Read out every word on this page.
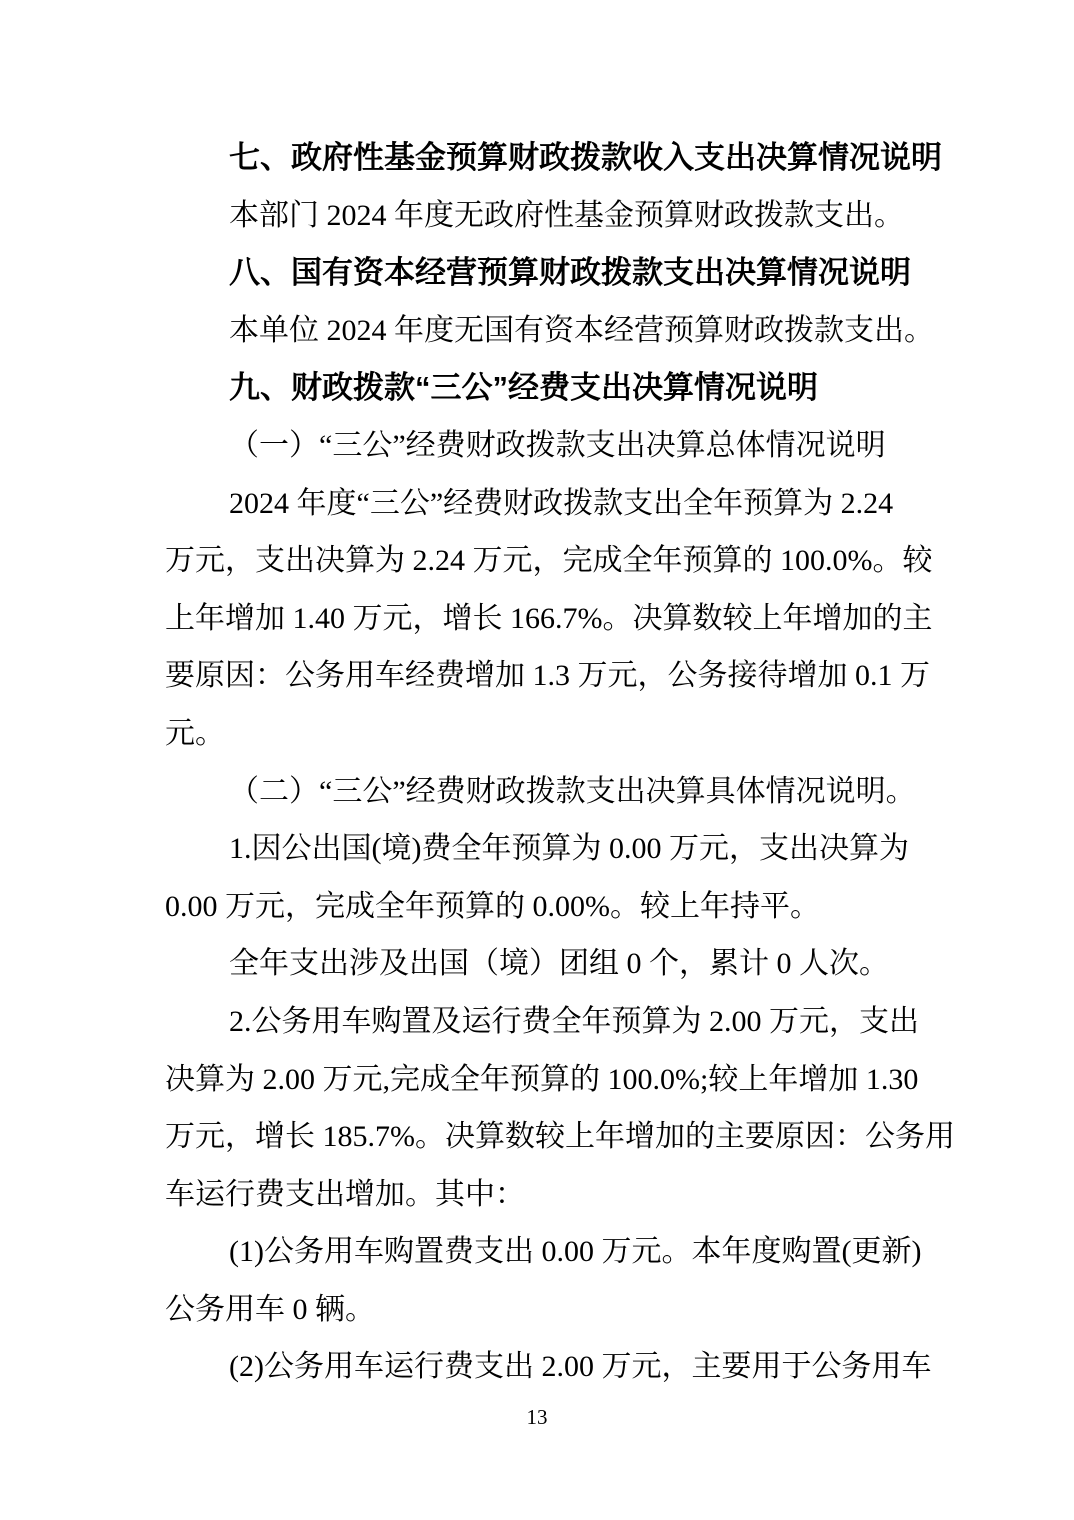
七、政府性基金预算财政拨款收入支出决算情况说明
本部门 2024 年度无政府性基金预算财政拨款支出。
八、国有资本经营预算财政拨款支出决算情况说明
本单位 2024 年度无国有资本经营预算财政拨款支出。
九、财政拨款“三公”经费支出决算情况说明
（一）“三公”经费财政拨款支出决算总体情况说明
2024 年度“三公”经费财政拨款支出全年预算为 2.24
万元，支出决算为 2.24 万元，完成全年预算的 100.0%。较
上年增加 1.40 万元，增长 166.7%。决算数较上年增加的主
要原因：公务用车经费增加 1.3 万元，公务接待增加 0.1 万
元。
（二）“三公”经费财政拨款支出决算具体情况说明。
1.因公出国(境)费全年预算为 0.00 万元，支出决算为
0.00 万元，完成全年预算的 0.00%。较上年持平。
全年支出涉及出国（境）团组 0 个，累计 0 人次。
2.公务用车购置及运行费全年预算为 2.00 万元，支出
决算为 2.00 万元,完成全年预算的 100.0%;较上年增加 1.30
万元，增长 185.7%。决算数较上年增加的主要原因：公务用
车运行费支出增加。其中：
(1)公务用车购置费支出 0.00 万元。本年度购置(更新)
公务用车 0 辆。
(2)公务用车运行费支出 2.00 万元，主要用于公务用车
13
